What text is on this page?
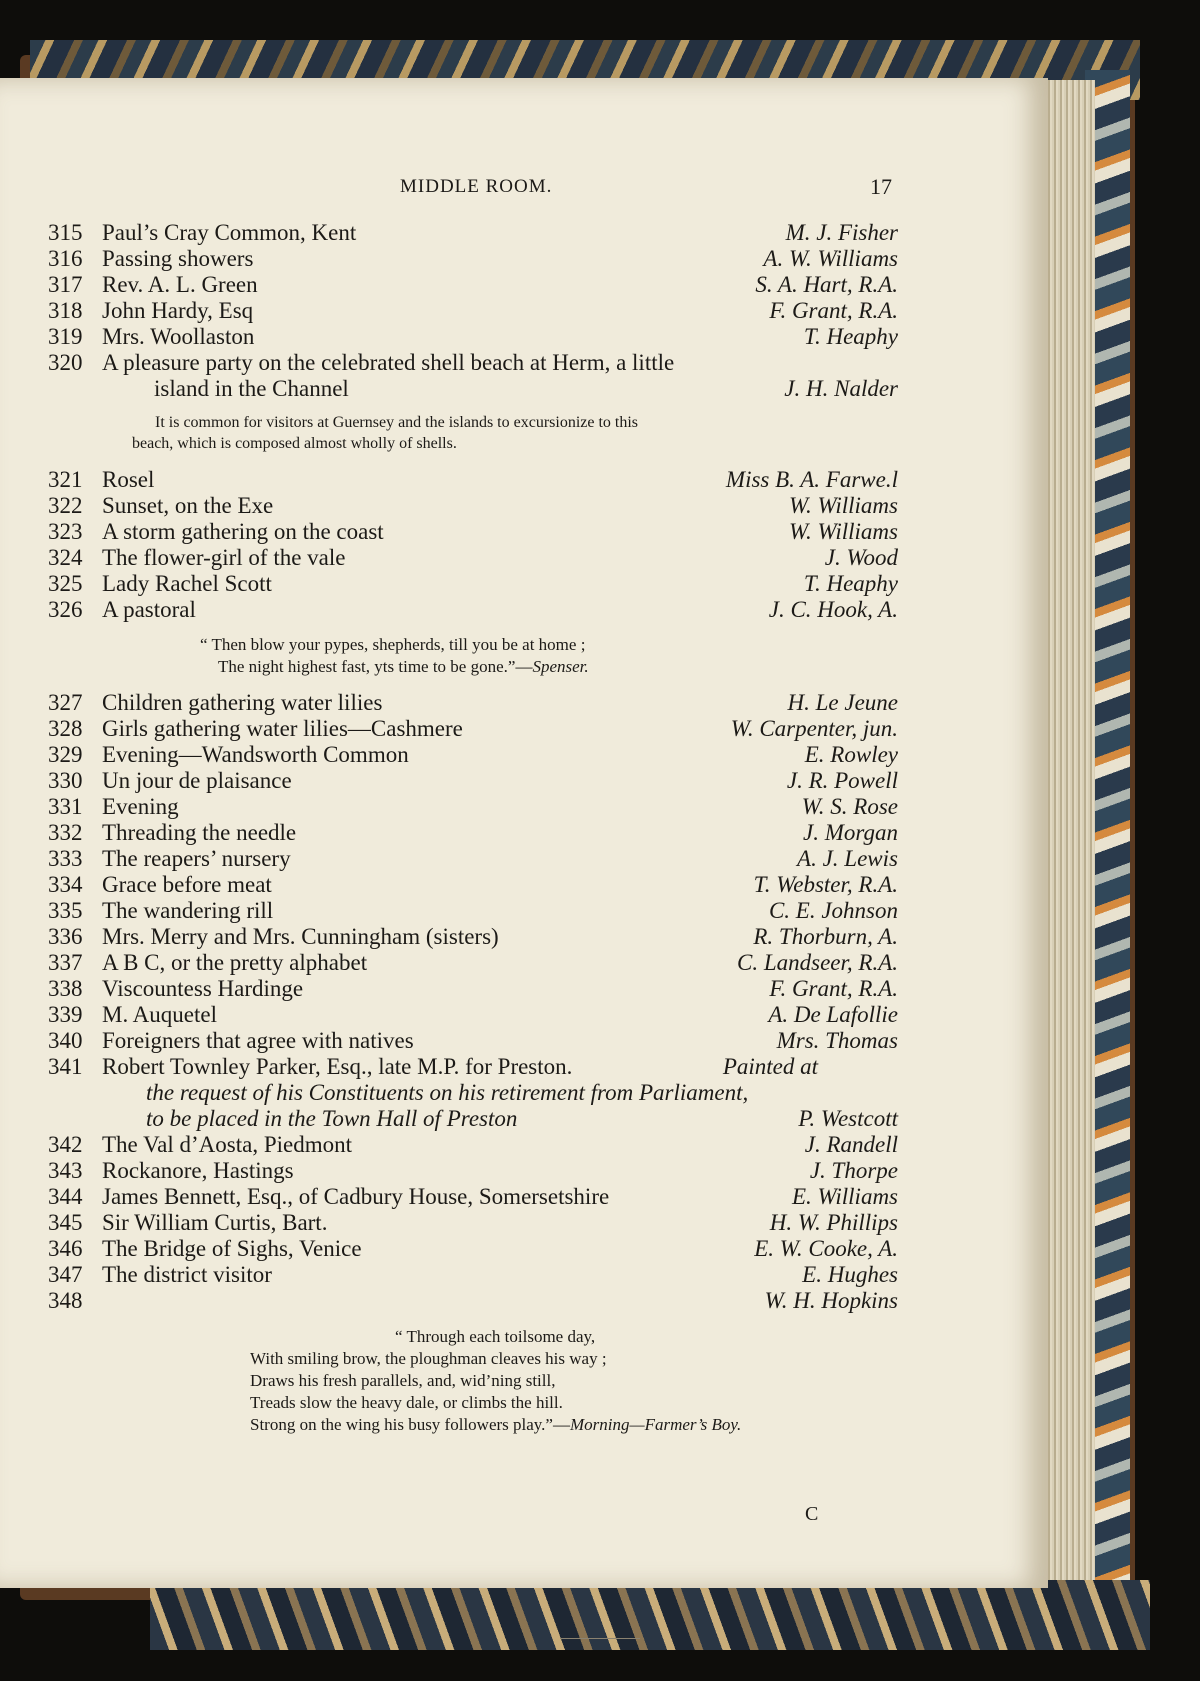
MIDDLE ROOM.	17
315 Paul’s Cray Common, Kent	M. J. Fisher
316 Passing showers	A. W. Williams
317 Rev. A. L. Green	S. A. Hart, R.A.
318 John Hardy, Esq	F. Grant, R.A.
319 Mrs. Woollaston	T. Heaphy
320 A pleasure party on the celebrated shell beach at Herm, a little
island in the Channel	J. H. Nalder
It is common for visitors at Guernsey and the islands to excursionize to this
beach, which is composed almost wholly of shells.
321 Rosel	Miss B. A. Farwe.l
322 Sunset, on the Exe	W. Williams
323 A storm gathering on the coast	W. Williams
324 The flower-girl of the vale	J. Wood
325 Lady Rachel Scott	T. Heaphy
326 A pastoral	J. C. Hook, A.
“ Then blow your pypes, shepherds, till you be at home ;
The night highest fast, yts time to be gone.”—Spenser.
327 Children gathering water lilies	H. Le Jeune
328 Girls gathering water lilies—Cashmere	W. Carpenter, jun.
329 Evening—Wandsworth Common	E. Rowley
330 Un jour de plaisance	J. R. Powell
331 Evening	W. S. Rose
332 Threading the needle	J. Morgan
333 The reapers’ nursery	A. J. Lewis
334 Grace before meat	T. Webster, R.A.
335 The wandering rill	C. E. Johnson
336 Mrs. Merry and Mrs. Cunningham (sisters)	R. Thorburn, A.
337 A B C, or the pretty alphabet	C. Landseer, R.A.
338 Viscountess Hardinge	F. Grant, R.A.
339 M. Auquetel	A. De Lafollie
340 Foreigners that agree with natives	Mrs. Thomas
341 Robert Townley Parker, Esq., late M.P. for Preston.	Painted at
the request of his Constituents on his retirement from Parliament,
to be placed in the Town Hall of Preston	P. Westcott
342 The Val d’Aosta, Piedmont	J. Randell
343 Rockanore, Hastings	J. Thorpe
344 James Bennett, Esq., of Cadbury House, Somersetshire	E. Williams
345 Sir William Curtis, Bart.	H. W. Phillips
346 The Bridge of Sighs, Venice	E. W. Cooke, A.
347 The district visitor	E. Hughes
348	W. H. Hopkins
“ Through each toilsome day,
With smiling brow, the ploughman cleaves his way ;
Draws his fresh parallels, and, wid’ning still,
Treads slow the heavy dale, or climbs the hill.
Strong on the wing his busy followers play.”—Morning—Farmer’s Boy.
C
